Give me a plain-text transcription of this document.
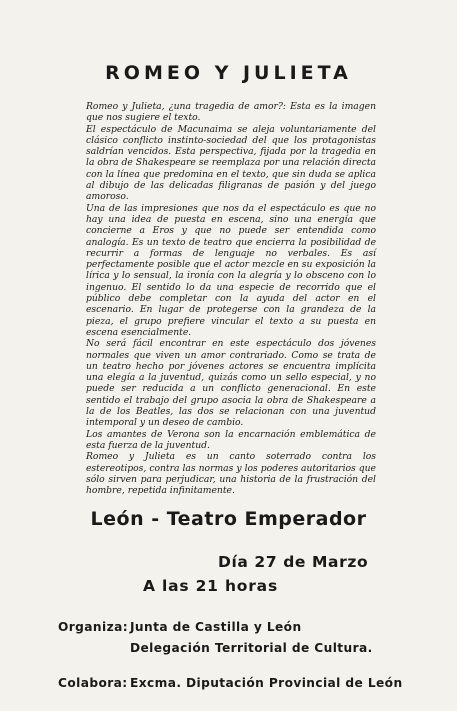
ROMEO Y JULIETA

Romeo y Julieta, ¿una tragedia de amor?: Esta es la imagen que nos sugiere el texto.

El espectáculo de Macunaima se aleja voluntariamente del clásico conflicto instinto-sociedad del que los protagonistas saldrían vencidos. Esta perspectiva, fijada por la tragedia en la obra de Shakespeare se reemplaza por una relación directa con la línea que predomina en el texto, que sin duda se aplica al dibujo de las delicadas filigranas de pasión y del juego amoroso.

Una de las impresiones que nos da el espectáculo es que no hay una idea de puesta en escena, sino una energía que concierne a Eros y que no puede ser entendida como analogía. Es un texto de teatro que encierra la posibilidad de recurrir a formas de lenguaje no verbales. Es así perfectamente posible que el actor mezcle en su exposición la lírica y lo sensual, la ironía con la alegría y lo obsceno con lo ingenuo. El sentido lo da una especie de recorrido que el público debe completar con la ayuda del actor en el escenario. En lugar de protegerse con la grandeza de la pieza, el grupo prefiere vincular el texto a su puesta en escena esencialmente.

No será fácil encontrar en este espectáculo dos jóvenes normales que viven un amor contrariado. Como se trata de un teatro hecho por jóvenes actores se encuentra implícita una elegía a la juventud, quizás como un sello especial, y no puede ser reducida a un conflicto generacional. En este sentido el trabajo del grupo asocia la obra de Shakespeare a la de los Beatles, las dos se relacionan con una juventud intemporal y un deseo de cambio.

Los amantes de Verona son la encarnación emblemática de esta fuerza de la juventud.

Romeo y Julieta es un canto soterrado contra los estereotipos, contra las normas y los poderes autoritarios que sólo sirven para perjudicar, una historia de la frustración del hombre, repetida infinitamente.

León - Teatro Emperador
Día 27 de Marzo
A las 21 horas
Organiza: Junta de Castilla y León
Delegación Territorial de Cultura.
Colabora: Excma. Diputación Provincial de León
